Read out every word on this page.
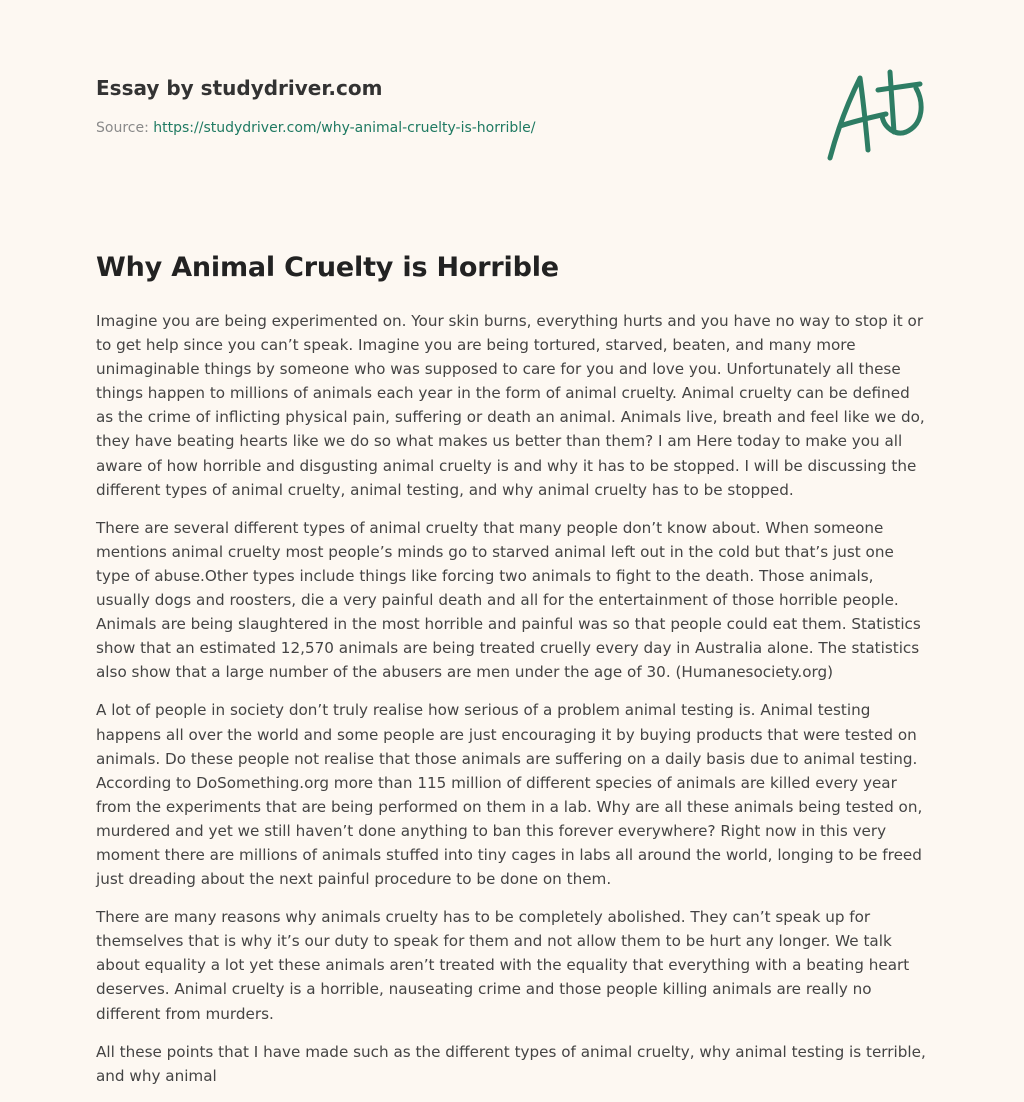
Essay by studydriver.com
Source: https://studydriver.com/why-animal-cruelty-is-horrible/
Why Animal Cruelty is Horrible

Imagine you are being experimented on. Your skin burns, everything hurts and you have no way to stop it or to get help since you can’t speak. Imagine you are being tortured, starved, beaten, and many more unimaginable things by someone who was supposed to care for you and love you. Unfortunately all these things happen to millions of animals each year in the form of animal cruelty. Animal cruelty can be defined as the crime of inflicting physical pain, suffering or death an animal. Animals live, breath and feel like we do, they have beating hearts like we do so what makes us better than them? I am Here today to make you all aware of how horrible and disgusting animal cruelty is and why it has to be stopped. I will be discussing the different types of animal cruelty, animal testing, and why animal cruelty has to be stopped.

There are several different types of animal cruelty that many people don’t know about. When someone mentions animal cruelty most people’s minds go to starved animal left out in the cold but that’s just one type of abuse.Other types include things like forcing two animals to fight to the death. Those animals, usually dogs and roosters, die a very painful death and all for the entertainment of those horrible people. Animals are being slaughtered in the most horrible and painful was so that people could eat them. Statistics show that an estimated 12,570 animals are being treated cruelly every day in Australia alone. The statistics also show that a large number of the abusers are men under the age of 30. (Humanesociety.org)

A lot of people in society don’t truly realise how serious of a problem animal testing is. Animal testing happens all over the world and some people are just encouraging it by buying products that were tested on animals. Do these people not realise that those animals are suffering on a daily basis due to animal testing. According to DoSomething.org more than 115 million of different species of animals are killed every year from the experiments that are being performed on them in a lab. Why are all these animals being tested on, murdered and yet we still haven’t done anything to ban this forever everywhere? Right now in this very moment there are millions of animals stuffed into tiny cages in labs all around the world, longing to be freed just dreading about the next painful procedure to be done on them.

There are many reasons why animals cruelty has to be completely abolished. They can’t speak up for themselves that is why it’s our duty to speak for them and not allow them to be hurt any longer. We talk about equality a lot yet these animals aren’t treated with the equality that everything with a beating heart deserves. Animal cruelty is a horrible, nauseating crime and those people killing animals are really no different from murders.

All these points that I have made such as the different types of animal cruelty, why animal testing is terrible, and why animal
